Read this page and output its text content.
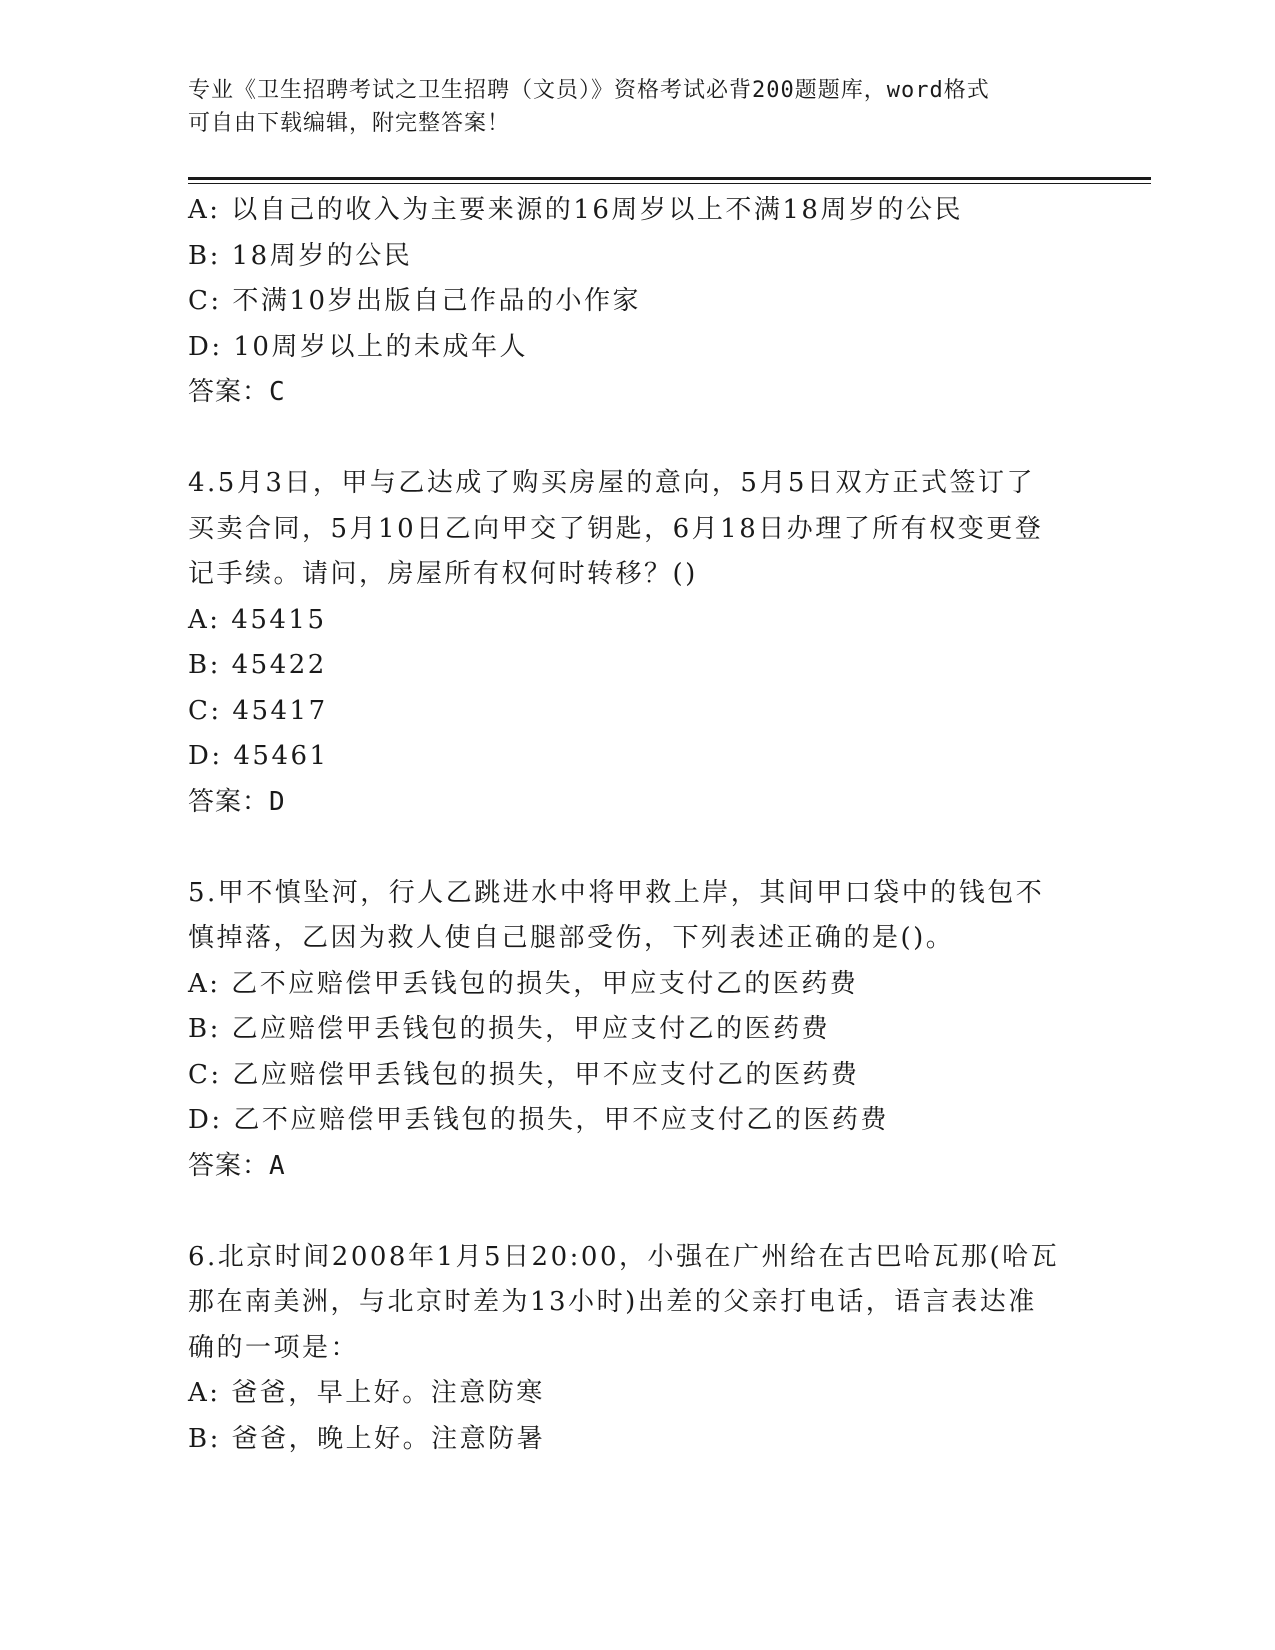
专业《卫生招聘考试之卫生招聘（文员）》资格考试必背200题题库，word格式
可自由下载编辑，附完整答案！
A: 以自己的收入为主要来源的16周岁以上不满18周岁的公民
B: 18周岁的公民
C: 不满10岁出版自己作品的小作家
D: 10周岁以上的未成年人
答案：C
4.5月3日，甲与乙达成了购买房屋的意向，5月5日双方正式签订了
买卖合同，5月10日乙向甲交了钥匙，6月18日办理了所有权变更登
记手续。请问，房屋所有权何时转移？()
A: 45415
B: 45422
C: 45417
D: 45461
答案：D
5.甲不慎坠河，行人乙跳进水中将甲救上岸，其间甲口袋中的钱包不
慎掉落，乙因为救人使自己腿部受伤，下列表述正确的是()。
A: 乙不应赔偿甲丢钱包的损失，甲应支付乙的医药费
B: 乙应赔偿甲丢钱包的损失，甲应支付乙的医药费
C: 乙应赔偿甲丢钱包的损失，甲不应支付乙的医药费
D: 乙不应赔偿甲丢钱包的损失，甲不应支付乙的医药费
答案：A
6.北京时间2008年1月5日20:00，小强在广州给在古巴哈瓦那(哈瓦
那在南美洲，与北京时差为13小时)出差的父亲打电话，语言表达准
确的一项是：
A: 爸爸，早上好。注意防寒
B: 爸爸，晚上好。注意防暑
